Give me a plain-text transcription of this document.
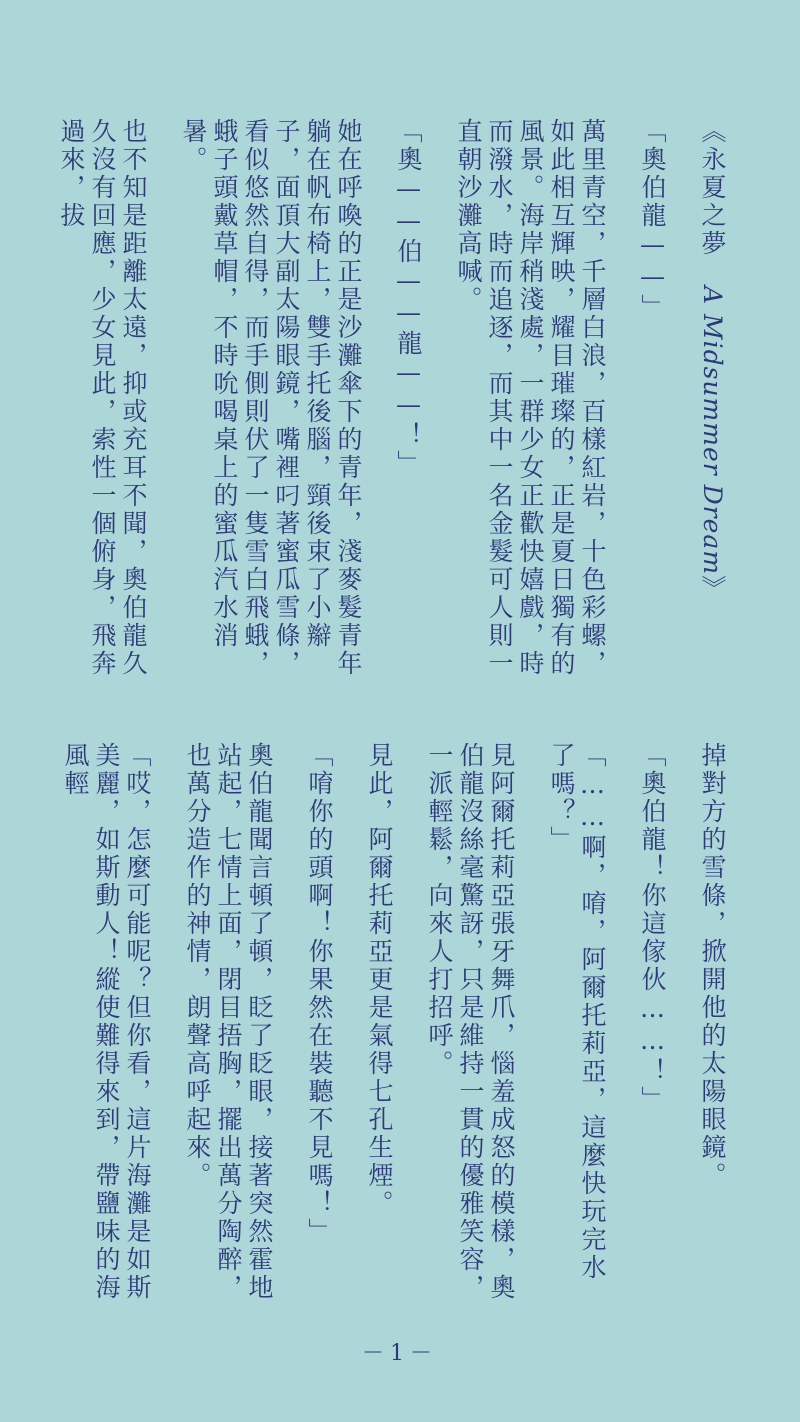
《永夏之夢　A Midsummer Dream》

「奧伯龍——」

萬里青空，千層白浪，百樣紅岩，十色彩螺，如此相互輝映，耀目璀璨的，正是夏日獨有的風景。海岸稍淺處，一群少女正歡快嬉戲，時而潑水，時而追逐，而其中一名金髮可人則一直朝沙灘高喊。

「奧——伯——龍——！」

她在呼喚的正是沙灘傘下的青年，淺麥髮青年躺在帆布椅上，雙手托後腦，頸後束了小辮子，面頂大副太陽眼鏡，嘴裡叼著蜜瓜雪條，看似悠然自得，而手側則伏了一隻雪白飛蛾，蛾子頭戴草帽，不時吮喝桌上的蜜瓜汽水消暑。

也不知是距離太遠，抑或充耳不聞，奧伯龍久久沒有回應，少女見此，索性一個俯身，飛奔過來，拔

掉對方的雪條，掀開他的太陽眼鏡。

「奧伯龍！你這傢伙……！」

「……啊，唷，阿爾托莉亞，這麼快玩完水了嗎？」

見阿爾托莉亞張牙舞爪，惱羞成怒的模樣，奧伯龍沒絲毫驚訝，只是維持一貫的優雅笑容，一派輕鬆，向來人打招呼。

見此，阿爾托莉亞更是氣得七孔生煙。

「唷你的頭啊！你果然在裝聽不見嗎！」

奧伯龍聞言頓了頓，眨了眨眼，接著突然霍地站起，七情上面，閉目捂胸，擺出萬分陶醉，也萬分造作的神情，朗聲高呼起來。

「哎，怎麼可能呢？但你看，這片海灘是如斯美麗，如斯動人！縱使難得來到，帶鹽味的海風輕

－1－
